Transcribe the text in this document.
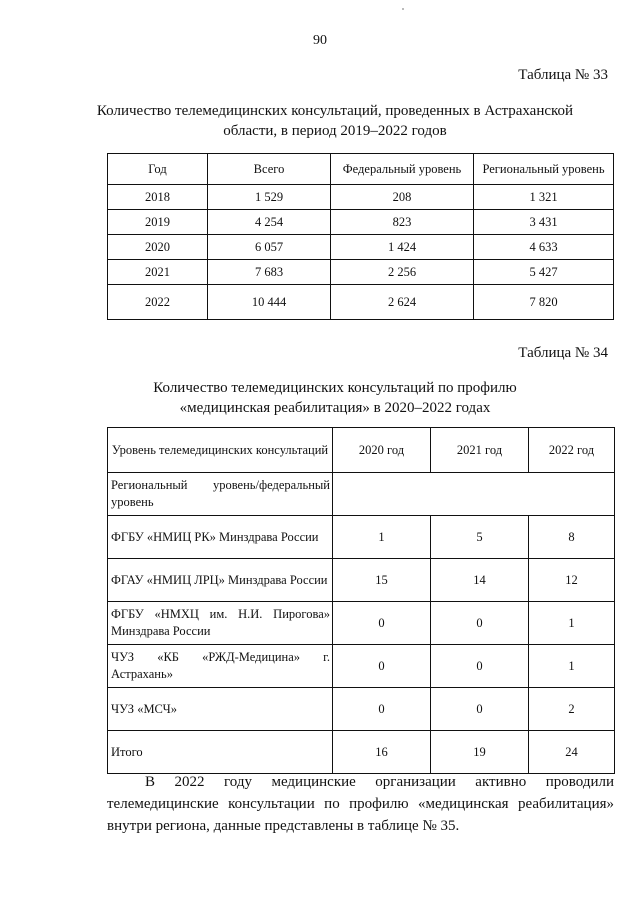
90
Таблица № 33
Количество телемедицинских консультаций, проведенных в Астраханской
области, в период 2019–2022 годов
Год	Всего	Федеральный уровень	Региональный уровень
2018	1 529	208	1 321
2019	4 254	823	3 431
2020	6 057	1 424	4 633
2021	7 683	2 256	5 427
2022	10 444	2 624	7 820
Таблица № 34
Количество телемедицинских консультаций по профилю
«медицинская реабилитация» в 2020–2022 годах
Уровень телемедицинских консультаций	2020 год	2021 год	2022 год
Региональный уровень/федеральный уровень			
ФГБУ «НМИЦ РК» Минздрава России	1	5	8
ФГАУ «НМИЦ ЛРЦ» Минздрава России	15	14	12
ФГБУ «НМХЦ им. Н.И. Пирогова» Минздрава России	0	0	1
ЧУЗ «КБ «РЖД-Медицина» г. Астрахань»	0	0	1
ЧУЗ «МСЧ»	0	0	2
Итого	16	19	24
В 2022 году медицинские организации активно проводили телемедицинские консультации по профилю «медицинская реабилитация» внутри региона, данные представлены в таблице № 35.
